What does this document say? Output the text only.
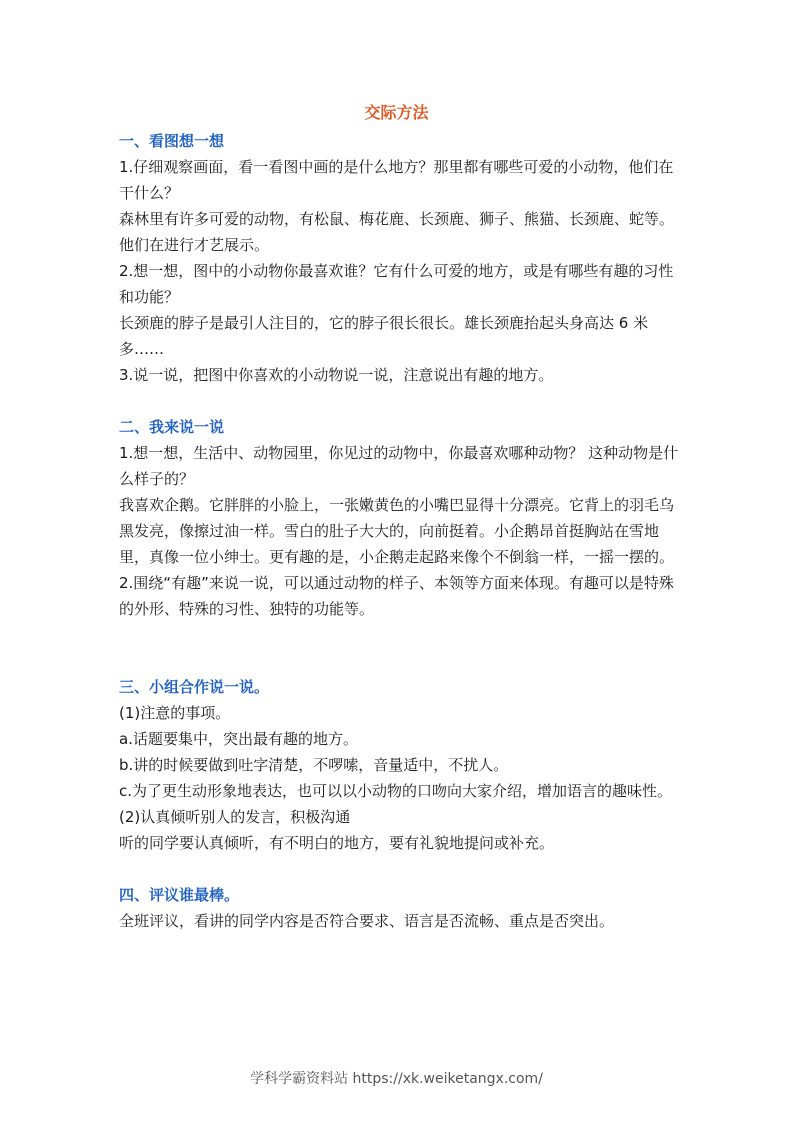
交际方法

一、看图想一想

1.仔细观察画面，看一看图中画的是什么地方？那里都有哪些可爱的小动物，他们在干什么？

森林里有许多可爱的动物，有松鼠、梅花鹿、长颈鹿、狮子、熊猫、长颈鹿、蛇等。他们在进行才艺展示。

2.想一想，图中的小动物你最喜欢谁？它有什么可爱的地方，或是有哪些有趣的习性和功能？

长颈鹿的脖子是最引人注目的，它的脖子很长很长。雄长颈鹿抬起头身高达 6 米多……

3.说一说，把图中你喜欢的小动物说一说，注意说出有趣的地方。

二、我来说一说

1.想一想，生活中、动物园里，你见过的动物中，你最喜欢哪种动物？ 这种动物是什么样子的？

我喜欢企鹅。它胖胖的小脸上，一张嫩黄色的小嘴巴显得十分漂亮。它背上的羽毛乌黑发亮，像擦过油一样。雪白的肚子大大的，向前挺着。小企鹅昂首挺胸站在雪地里，真像一位小绅士。更有趣的是，小企鹅走起路来像个不倒翁一样，一摇一摆的。

2.围绕“有趣”来说一说，可以通过动物的样子、本领等方面来体现。有趣可以是特殊的外形、特殊的习性、独特的功能等。

三、小组合作说一说。

(1)注意的事项。

a.话题要集中，突出最有趣的地方。

b.讲的时候要做到吐字清楚，不啰嗦，音量适中，不扰人。

c.为了更生动形象地表达，也可以以小动物的口吻向大家介绍，增加语言的趣味性。

(2)认真倾听别人的发言，积极沟通

听的同学要认真倾听，有不明白的地方，要有礼貌地提问或补充。

四、评议谁最棒。

全班评议，看讲的同学内容是否符合要求、语言是否流畅、重点是否突出。

学科学霸资料站 https://xk.weiketangx.com/
